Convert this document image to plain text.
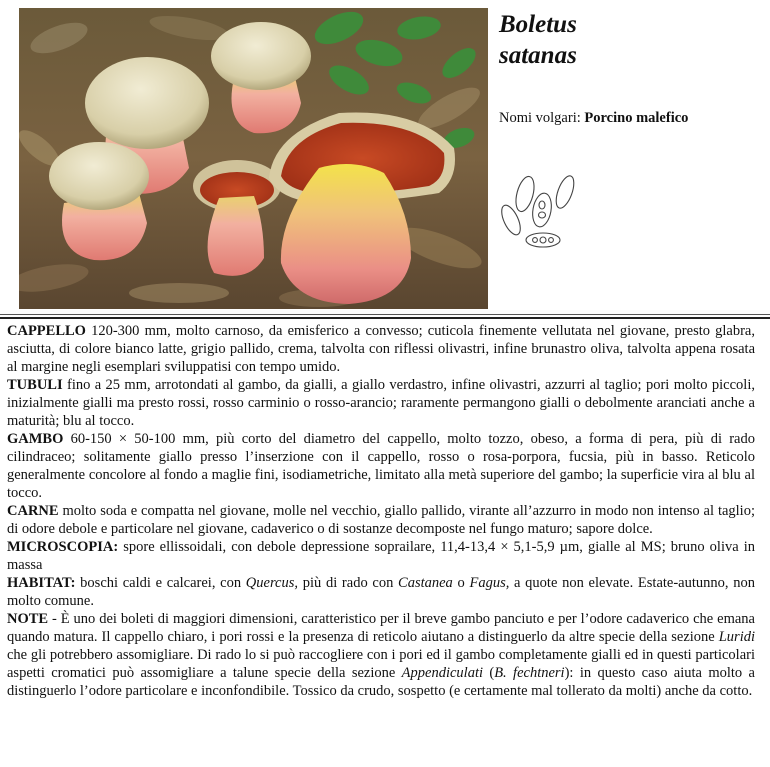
Boletus
satanas
Nomi volgari: Porcino malefico

CAPPELLO 120-300 mm, molto carnoso, da emisferico a convesso; cuticola finemente vellutata nel giovane, presto glabra, asciutta, di colore bianco latte, grigio pallido, crema, talvolta con riflessi olivastri, infine brunastro oliva, talvolta appena rosata al margine negli esemplari sviluppatisi con tempo umido.

TUBULI fino a 25 mm, arrotondati al gambo, da gialli, a giallo verdastro, infine olivastri, azzurri al taglio; pori molto piccoli, inizialmente gialli ma presto rossi, rosso carminio o rosso-arancio; raramente permangono gialli o debolmente aranciati anche a maturità; blu al tocco.

GAMBO 60-150 × 50-100 mm, più corto del diametro del cappello, molto tozzo, obeso, a forma di pera, più di rado cilindraceo; solitamente giallo presso l’inserzione con il cappello, rosso o rosa-porpora, fucsia, più in basso. Reticolo generalmente concolore al fondo a maglie fini, isodiametriche, limitato alla metà superiore del gambo; la superficie vira al blu al tocco.

CARNE molto soda e compatta nel giovane, molle nel vecchio, giallo pallido, virante all’azzurro in modo non intenso al taglio; di odore debole e particolare nel giovane, cadaverico o di sostanze decomposte nel fungo maturo; sapore dolce.

MICROSCOPIA: spore ellissoidali, con debole depressione soprailare, 11,4-13,4 × 5,1-5,9 µm, gialle al MS; bruno oliva in massa

HABITAT: boschi caldi e calcarei, con Quercus, più di rado con Castanea o Fagus, a quote non elevate. Estate-autunno, non molto comune.

NOTE - È uno dei boleti di maggiori dimensioni, caratteristico per il breve gambo panciuto e per l’odore cadaverico che emana quando matura. Il cappello chiaro, i pori rossi e la presenza di reticolo aiutano a distinguerlo da altre specie della sezione Luridi che gli potrebbero assomigliare. Di rado lo si può raccogliere con i pori ed il gambo completamente gialli ed in questi particolari aspetti cromatici può assomigliare a talune specie della sezione Appendiculati (B. fechtneri): in questo caso aiuta molto a distinguerlo l’odore particolare e inconfondibile. Tossico da crudo, sospetto (e certamente mal tollerato da molti) anche da cotto.
